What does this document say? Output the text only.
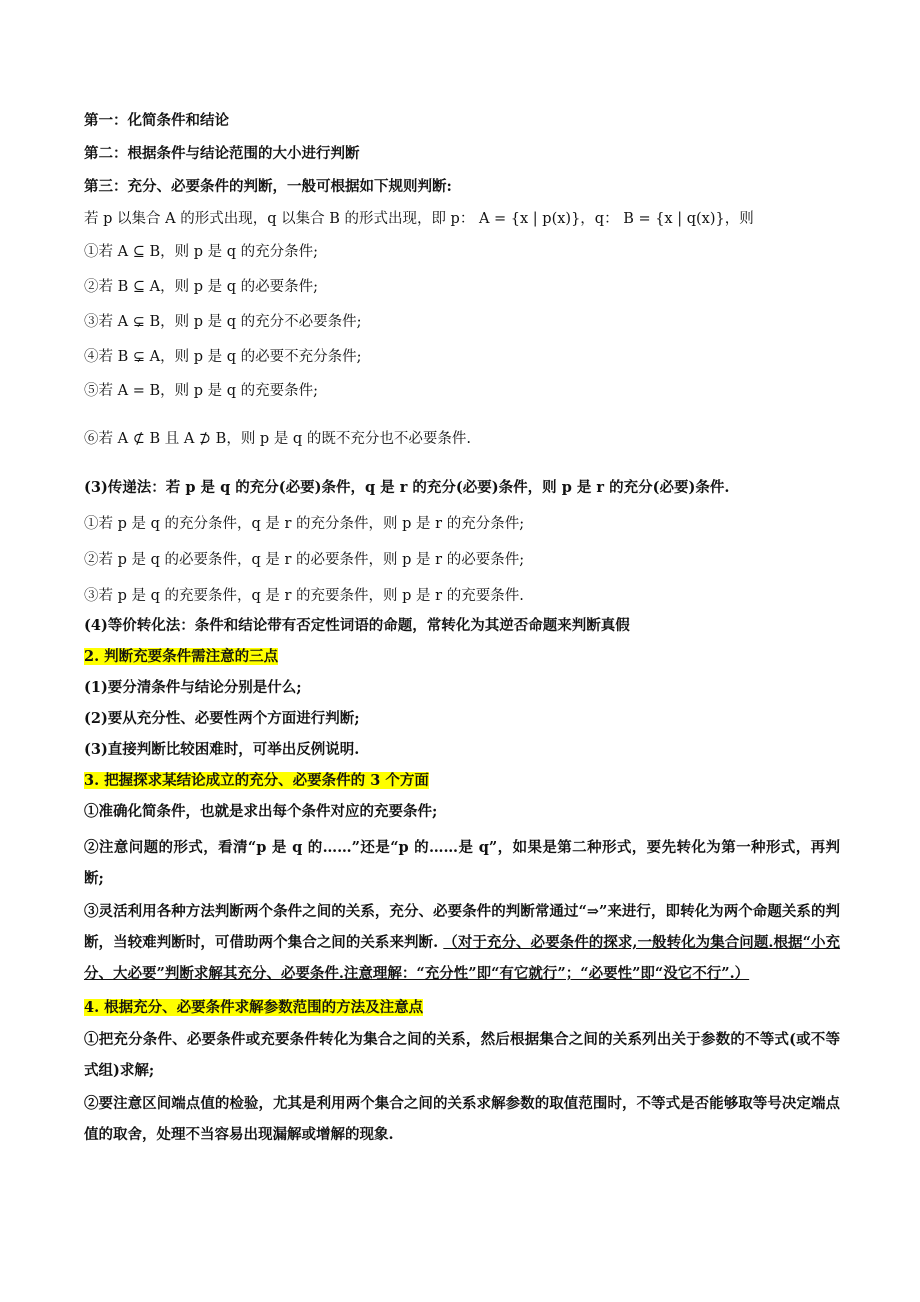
第一：化简条件和结论
第二：根据条件与结论范围的大小进行判断
第三：充分、必要条件的判断，一般可根据如下规则判断:
若 p 以集合 A 的形式出现，q 以集合 B 的形式出现，即 p： A = {x | p(x)}，q： B = {x | q(x)}，则
①若 A ⊆ B，则 p 是 q 的充分条件;
②若 B ⊆ A，则 p 是 q 的必要条件;
③若 A ⊊ B，则 p 是 q 的充分不必要条件;
④若 B ⊊ A，则 p 是 q 的必要不充分条件;
⑤若 A = B，则 p 是 q 的充要条件;
⑥若 A ⊄ B 且 A ⊅ B，则 p 是 q 的既不充分也不必要条件.
(3)传递法：若 p 是 q 的充分(必要)条件，q 是 r 的充分(必要)条件，则 p 是 r 的充分(必要)条件.
①若 p 是 q 的充分条件，q 是 r 的充分条件，则 p 是 r 的充分条件;
②若 p 是 q 的必要条件，q 是 r 的必要条件，则 p 是 r 的必要条件;
③若 p 是 q 的充要条件，q 是 r 的充要条件，则 p 是 r 的充要条件.
(4)等价转化法：条件和结论带有否定性词语的命题，常转化为其逆否命题来判断真假
2. 判断充要条件需注意的三点
(1)要分清条件与结论分别是什么;
(2)要从充分性、必要性两个方面进行判断;
(3)直接判断比较困难时，可举出反例说明.
3. 把握探求某结论成立的充分、必要条件的 3 个方面
①准确化简条件，也就是求出每个条件对应的充要条件;
②注意问题的形式，看清“p 是 q 的……”还是“p 的……是 q”，如果是第二种形式，要先转化为第一种形式，再判断;
③灵活利用各种方法判断两个条件之间的关系，充分、必要条件的判断常通过“⇒”来进行，即转化为两个命题关系的判断，当较难判断时，可借助两个集合之间的关系来判断. （对于充分、必要条件的探求,一般转化为集合问题.根据“小充分、大必要”判断求解其充分、必要条件.注意理解：“充分性”即“有它就行”；“必要性”即“没它不行”.）
4. 根据充分、必要条件求解参数范围的方法及注意点
①把充分条件、必要条件或充要条件转化为集合之间的关系，然后根据集合之间的关系列出关于参数的不等式(或不等式组)求解;
②要注意区间端点值的检验，尤其是利用两个集合之间的关系求解参数的取值范围时，不等式是否能够取等号决定端点值的取舍，处理不当容易出现漏解或增解的现象.
